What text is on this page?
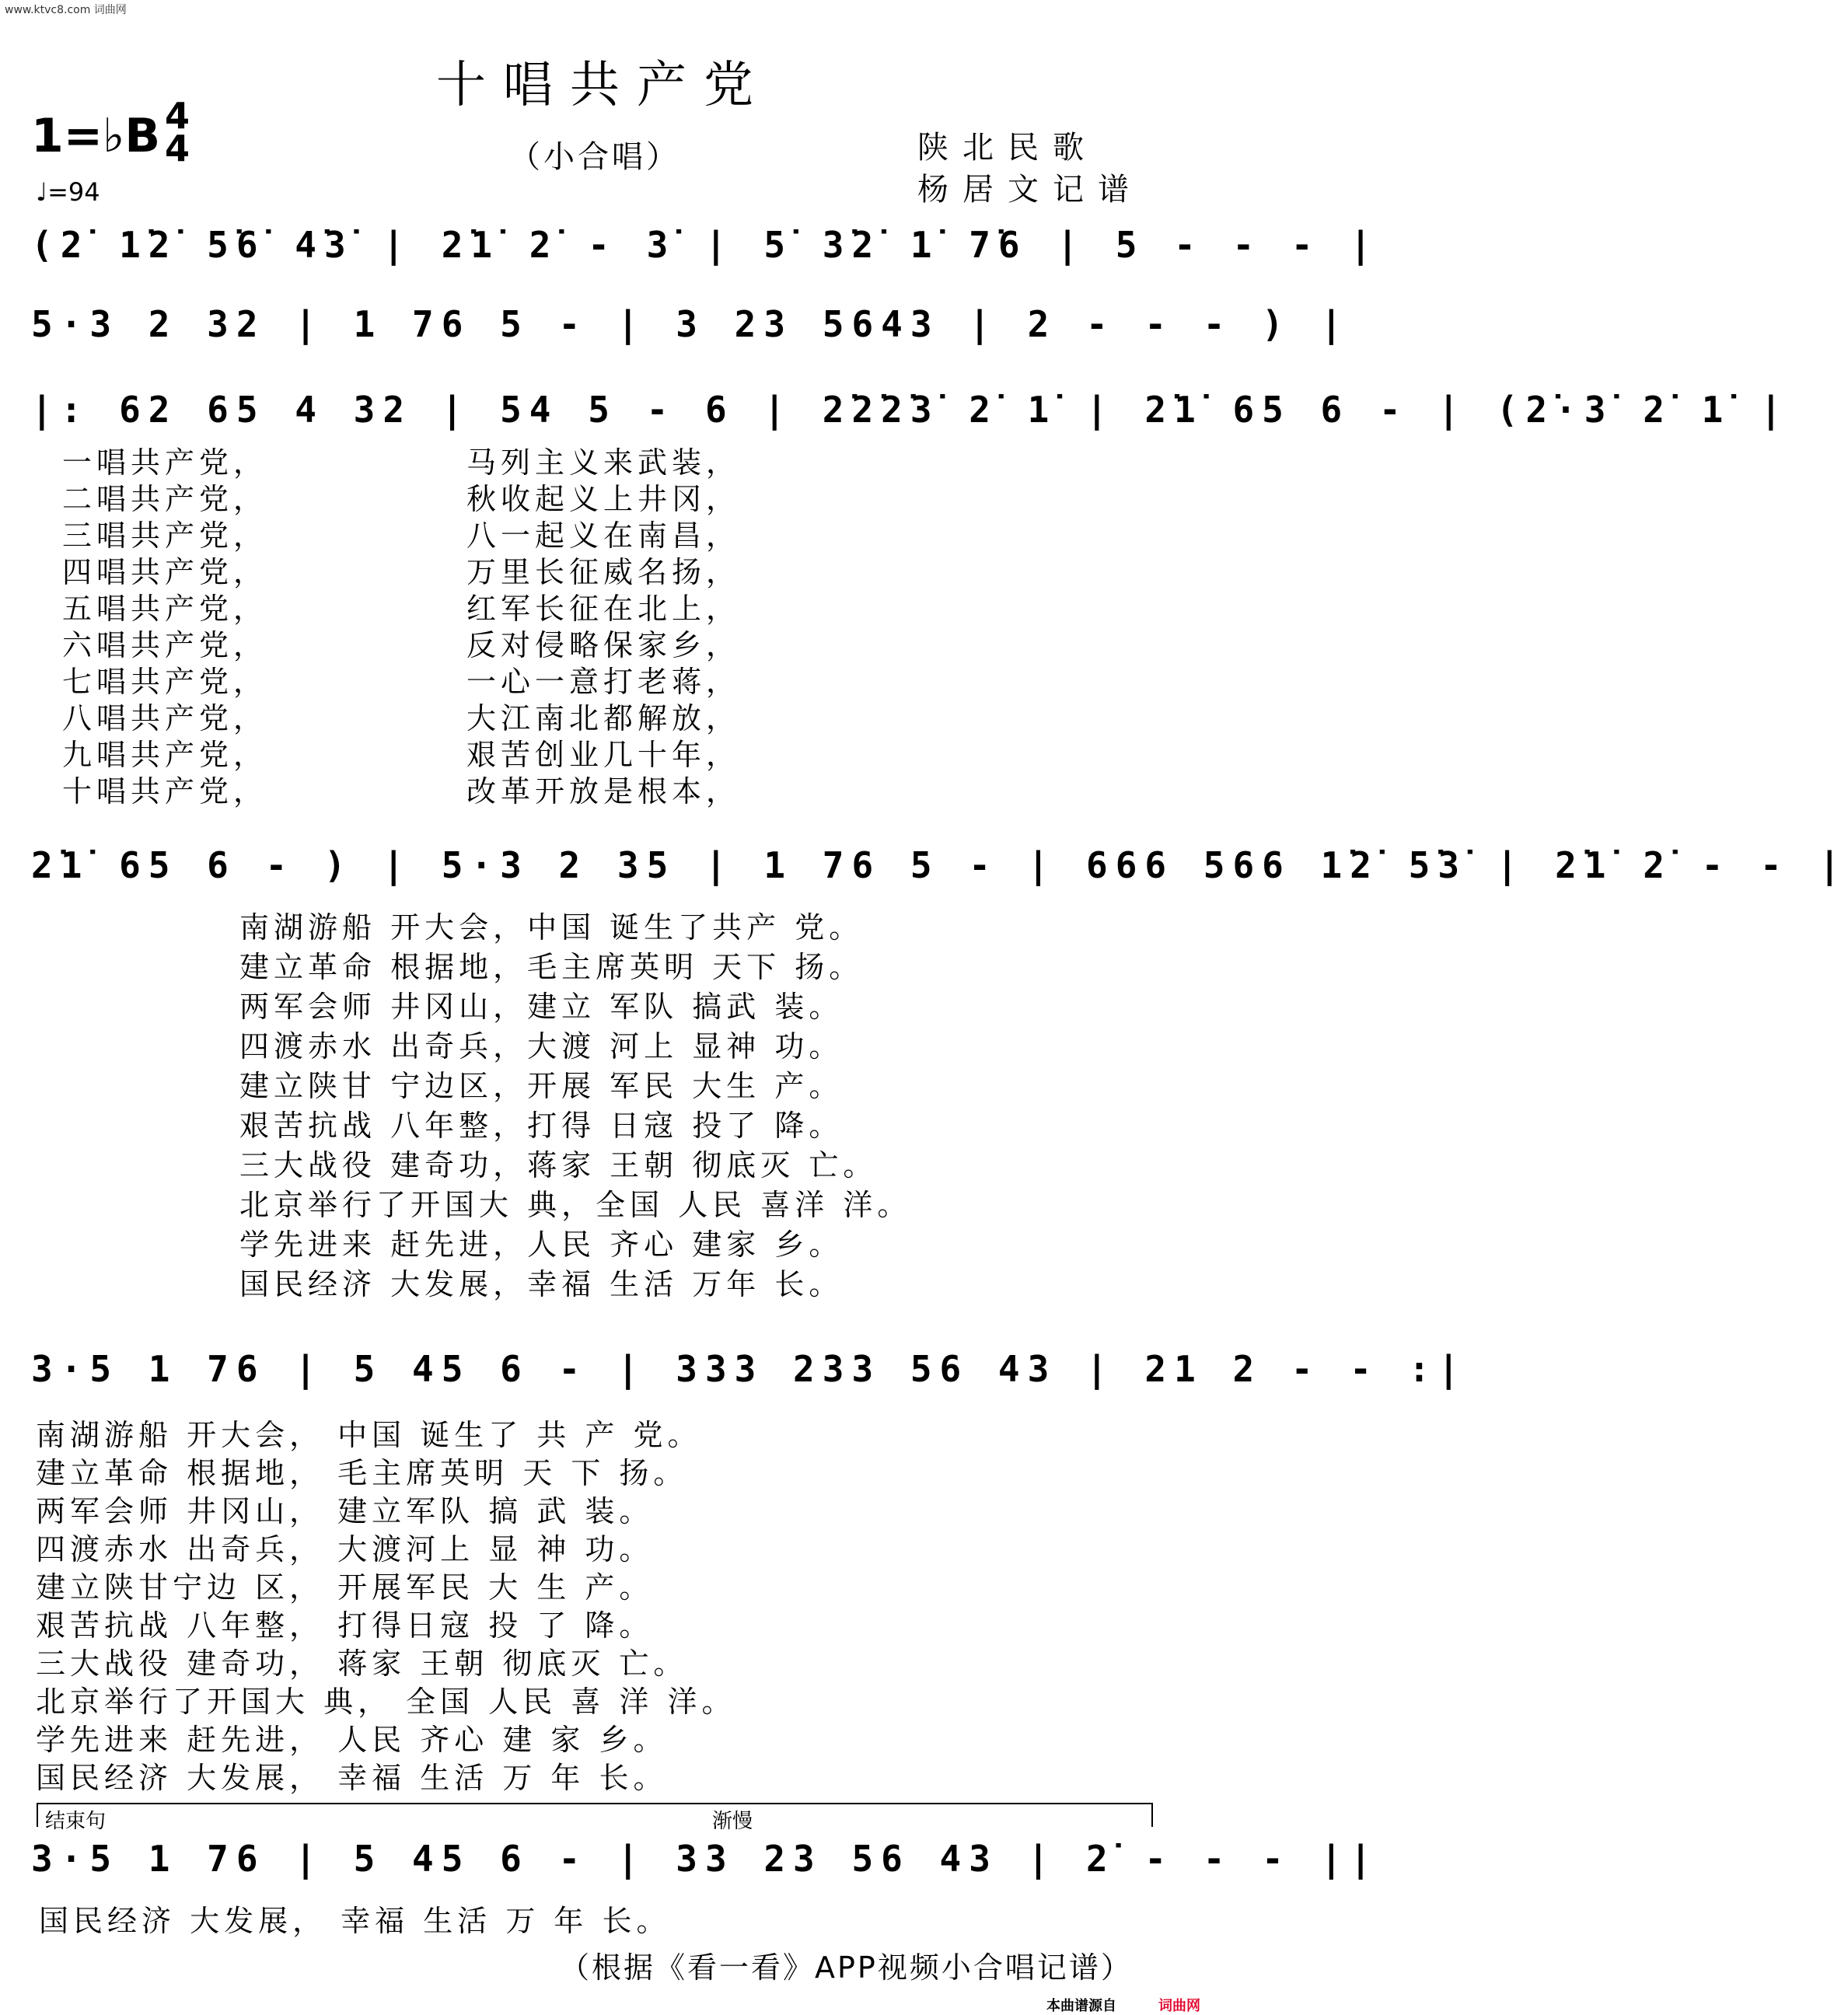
www.ktvc8.com 词曲网
十唱共产党
1=♭B 4
4
♩=94
（小合唱）	陕北民歌
杨居文记谱
(2̇ 1̇2̇ 5̇6̇ 4̇3̇ | 2̇1̇ 2̇ - 3̇ | 5̇ 3̇2̇ 1̇ 7̇6 | 5 - - - |
5·3 2 32 | 1 76 5 - | 3 23 5643 | 2 - - - ) |
|: 62 65 4 32 | 54 5 - 6 | 2̇2̇2̇3̇ 2̇ 1̇ | 2̇1̇ 65 6 - | (2̇·3̇ 2̇ 1̇ |
一唱共产党，	马列主义来武装，
二唱共产党，	秋收起义上井冈，
三唱共产党，	八一起义在南昌，
四唱共产党，	万里长征威名扬，
五唱共产党，	红军长征在北上，
六唱共产党，	反对侵略保家乡，
七唱共产党，	一心一意打老蒋，
八唱共产党，	大江南北都解放，
九唱共产党，	艰苦创业几十年，
十唱共产党，	改革开放是根本，
2̇1̇ 65 6 - ) | 5·3 2 35 | 1 76 5 - | 666 566 1̇2̇ 5̇3̇ | 2̇1̇ 2̇ - - |
南湖游船 开大会，中国 诞生了共产 党。
建立革命 根据地，毛主席英明 天下 扬。
两军会师 井冈山，建立 军队 搞武 装。
四渡赤水 出奇兵，大渡 河上 显神 功。
建立陕甘 宁边区，开展 军民 大生 产。
艰苦抗战 八年整，打得 日寇 投了 降。
三大战役 建奇功，蒋家 王朝 彻底灭 亡。
北京举行了开国大 典，全国 人民 喜洋 洋。
学先进来 赶先进，人民 齐心 建家 乡。
国民经济 大发展，幸福 生活 万年 长。
3·5 1 76 | 5 45 6 - | 333 233 56 43 | 21 2 - - :|
南湖游船 开大会， 中国 诞生了 共 产 党。
建立革命 根据地， 毛主席英明 天 下 扬。
两军会师 井冈山， 建立军队 搞 武 装。
四渡赤水 出奇兵， 大渡河上 显 神 功。
建立陕甘宁边 区， 开展军民 大 生 产。
艰苦抗战 八年整， 打得日寇 投 了 降。
三大战役 建奇功， 蒋家 王朝 彻底灭 亡。
北京举行了开国大 典， 全国 人民 喜 洋 洋。
学先进来 赶先进， 人民 齐心 建 家 乡。
国民经济 大发展， 幸福 生活 万 年 长。
结束句	渐慢
3·5 1 76 | 5 45 6 - | 33 23 56 43 | 2̇ - - - ||
国民经济 大发展， 幸福 生活 万 年 长。
（根据《看一看》APP视频小合唱记谱）
本曲谱源自	词曲网
